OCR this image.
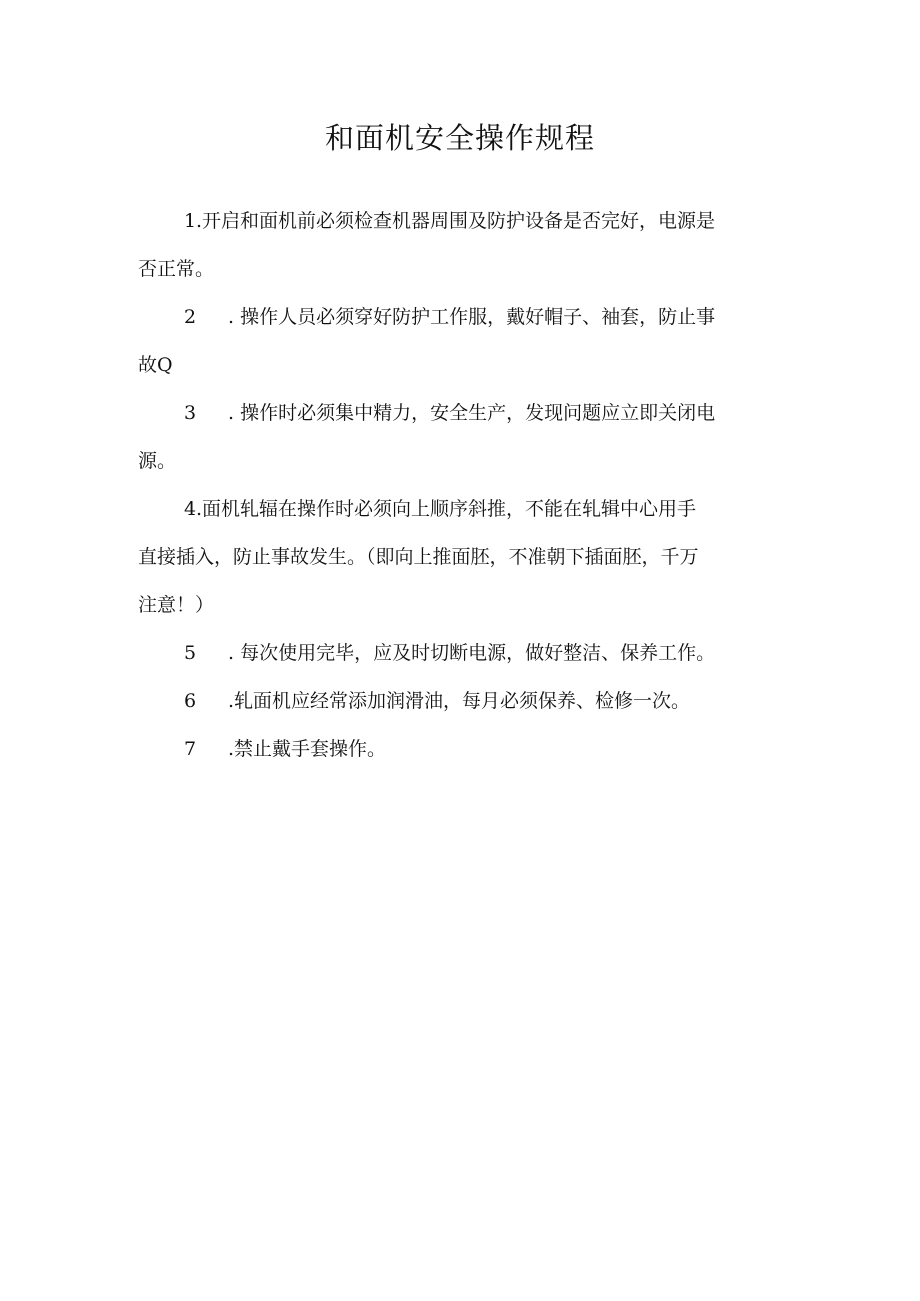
和面机安全操作规程
1.开启和面机前必须检查机器周围及防护设备是否完好，电源是
否正常。
2 . 操作人员必须穿好防护工作服，戴好帽子、袖套，防止事
故Q
3 . 操作时必须集中精力，安全生产，发现问题应立即关闭电
源。
4.面机轧辐在操作时必须向上顺序斜推，不能在轧辑中心用手
直接插入，防止事故发生。（即向上推面胚，不准朝下插面胚，千万
注意！）
5 . 每次使用完毕，应及时切断电源，做好整洁、保养工作。
6 .轧面机应经常添加润滑油，每月必须保养、检修一次。
7 .禁止戴手套操作。
